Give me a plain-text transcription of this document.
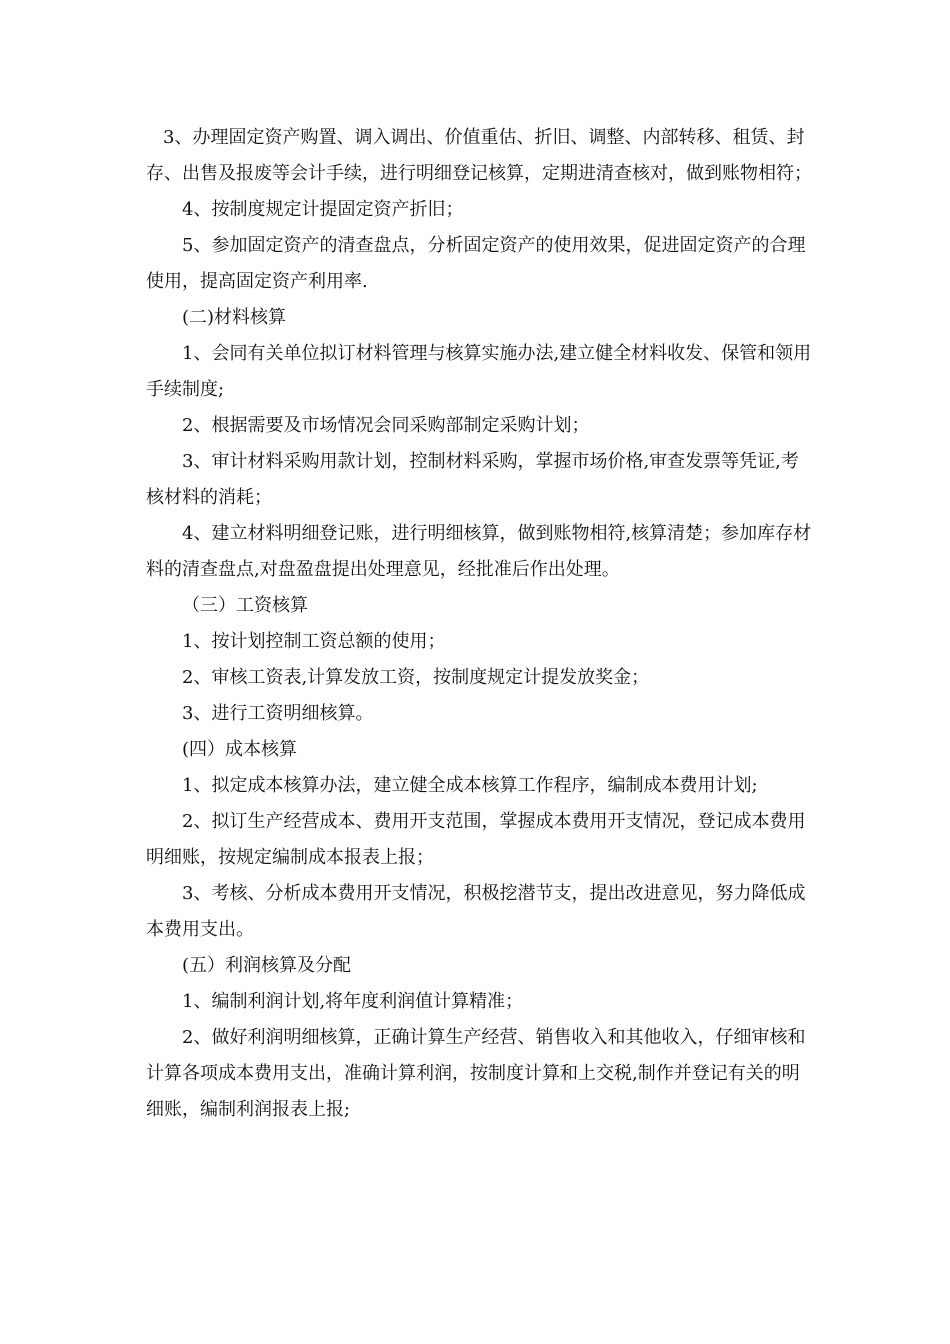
3、办理固定资产购置、调入调出、价值重估、折旧、调整、内部转移、租赁、封存、出售及报废等会计手续，进行明细登记核算，定期进清查核对，做到账物相符；

4、按制度规定计提固定资产折旧；

5、参加固定资产的清查盘点，分析固定资产的使用效果，促进固定资产的合理使用，提高固定资产利用率.

(二)材料核算

1、会同有关单位拟订材料管理与核算实施办法,建立健全材料收发、保管和领用手续制度;

2、根据需要及市场情况会同采购部制定采购计划；

3、审计材料采购用款计划，控制材料采购，掌握市场价格,审查发票等凭证,考核材料的消耗；

4、建立材料明细登记账，进行明细核算，做到账物相符,核算清楚；参加库存材料的清查盘点,对盘盈盘提出处理意见，经批准后作出处理。

（三）工资核算

1、按计划控制工资总额的使用；

2、审核工资表,计算发放工资，按制度规定计提发放奖金；

3、进行工资明细核算。

(四）成本核算

1、拟定成本核算办法，建立健全成本核算工作程序，编制成本费用计划;

2、拟订生产经营成本、费用开支范围，掌握成本费用开支情况，登记成本费用明细账，按规定编制成本报表上报；

3、考核、分析成本费用开支情况，积极挖潜节支，提出改进意见，努力降低成本费用支出。

(五）利润核算及分配

1、编制利润计划,将年度利润值计算精准；

2、做好利润明细核算，正确计算生产经营、销售收入和其他收入，仔细审核和计算各项成本费用支出，准确计算利润，按制度计算和上交税,制作并登记有关的明细账，编制利润报表上报;
